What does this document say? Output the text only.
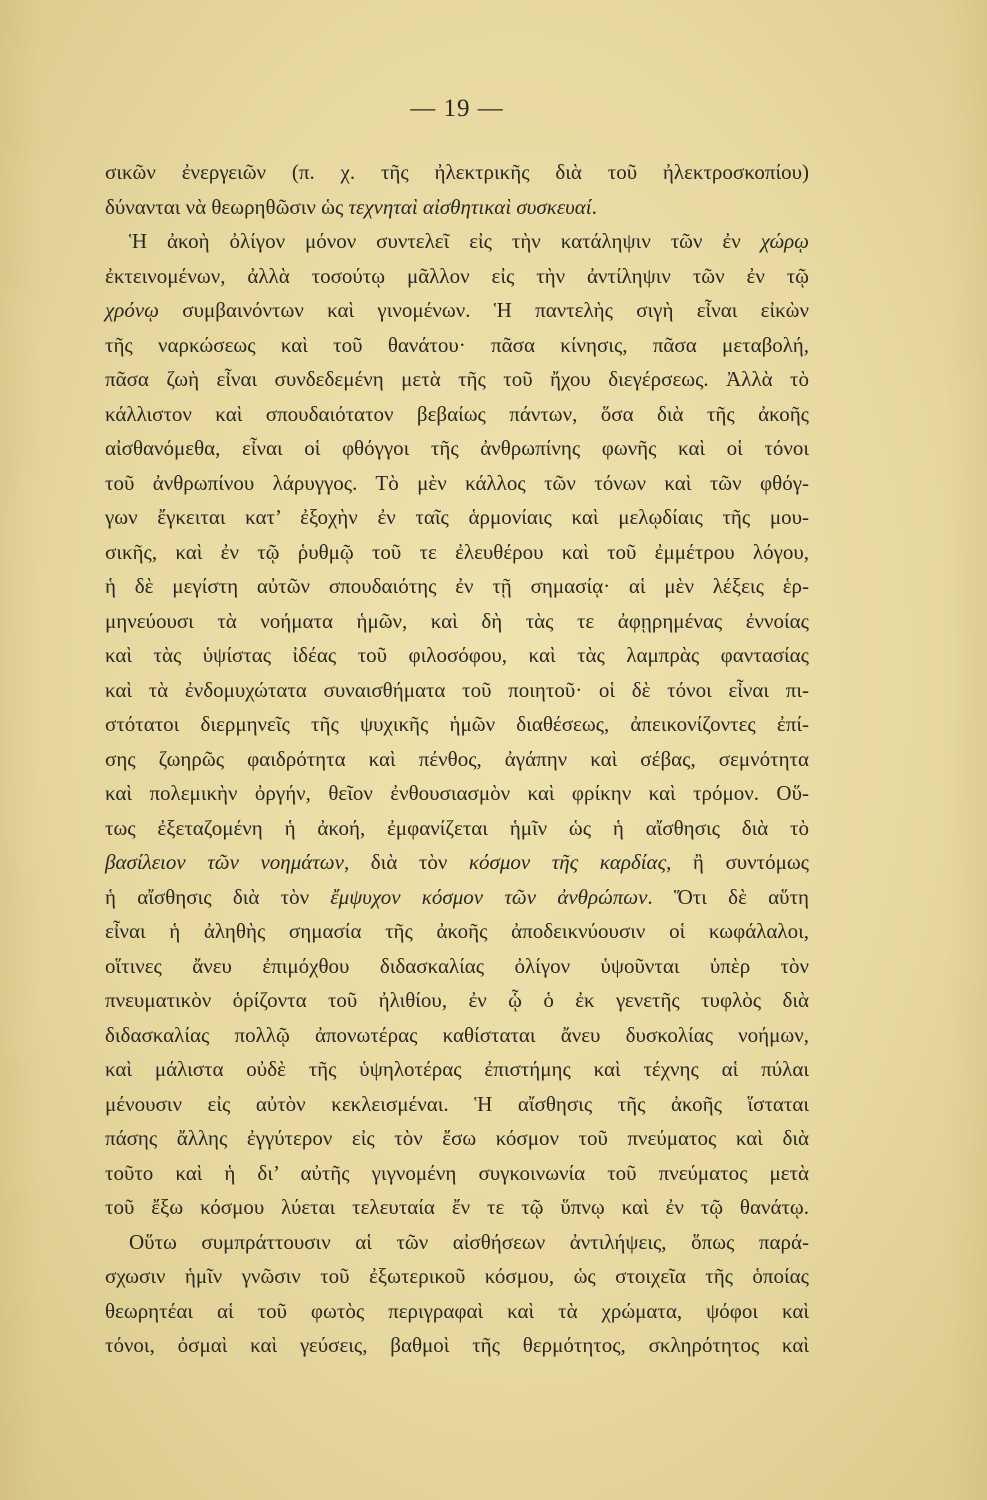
— 19 —
σικῶν ἐνεργειῶν (π. χ. τῆς ἠλεκτρικῆς διὰ τοῦ ἠλεκτροσκοπίου)
δύνανται νὰ θεωρηθῶσιν ὡς τεχνηταὶ αἰσθητικαὶ συσκευαί.
Ἡ ἀκοὴ ὀλίγον μόνον συντελεῖ εἰς τὴν κατάληψιν τῶν ἐν χώρῳ
ἐκτεινομένων, ἀλλὰ τοσούτῳ μᾶλλον εἰς τὴν ἀντίληψιν τῶν ἐν τῷ
χρόνῳ συμβαινόντων καὶ γινομένων. Ἡ παντελὴς σιγὴ εἶναι εἰκὼν
τῆς ναρκώσεως καὶ τοῦ θανάτου· πᾶσα κίνησις, πᾶσα μεταβολή,
πᾶσα ζωὴ εἶναι συνδεδεμένη μετὰ τῆς τοῦ ἤχου διεγέρσεως. Ἀλλὰ τὸ
κάλλιστον καὶ σπουδαιότατον βεβαίως πάντων, ὅσα διὰ τῆς ἀκοῆς
αἰσθανόμεθα, εἶναι οἱ φθόγγοι τῆς ἀνθρωπίνης φωνῆς καὶ οἱ τόνοι
τοῦ ἀνθρωπίνου λάρυγγος. Τὸ μὲν κάλλος τῶν τόνων καὶ τῶν φθόγ-
γων ἔγκειται κατ’ ἐξοχὴν ἐν ταῖς ἁρμονίαις καὶ μελῳδίαις τῆς μου-
σικῆς, καὶ ἐν τῷ ῥυθμῷ τοῦ τε ἐλευθέρου καὶ τοῦ ἐμμέτρου λόγου,
ἡ δὲ μεγίστη αὐτῶν σπουδαιότης ἐν τῇ σημασίᾳ· αἱ μὲν λέξεις ἑρ-
μηνεύουσι τὰ νοήματα ἡμῶν, καὶ δὴ τὰς τε ἀφῃρημένας ἐννοίας
καὶ τὰς ὑψίστας ἰδέας τοῦ φιλοσόφου, καὶ τὰς λαμπρὰς φαντασίας
καὶ τὰ ἐνδομυχώτατα συναισθήματα τοῦ ποιητοῦ· οἱ δὲ τόνοι εἶναι πι-
στότατοι διερμηνεῖς τῆς ψυχικῆς ἡμῶν διαθέσεως, ἀπεικονίζοντες ἐπί-
σης ζωηρῶς φαιδρότητα καὶ πένθος, ἀγάπην καὶ σέβας, σεμνότητα
καὶ πολεμικὴν ὀργήν, θεῖον ἐνθουσιασμὸν καὶ φρίκην καὶ τρόμον. Οὕ-
τως ἐξεταζομένη ἡ ἀκοή, ἐμφανίζεται ἡμῖν ὡς ἡ αἴσθησις διὰ τὸ
βασίλειον τῶν νοημάτων, διὰ τὸν κόσμον τῆς καρδίας, ἢ συντόμως
ἡ αἴσθησις διὰ τὸν ἔμψυχον κόσμον τῶν ἀνθρώπων. Ὅτι δὲ αὕτη
εἶναι ἡ ἀληθὴς σημασία τῆς ἀκοῆς ἀποδεικνύουσιν οἱ κωφάλαλοι,
οἵτινες ἄνευ ἐπιμόχθου διδασκαλίας ὀλίγον ὑψοῦνται ὑπὲρ τὸν
πνευματικὸν ὁρίζοντα τοῦ ἠλιθίου, ἐν ᾧ ὁ ἐκ γενετῆς τυφλὸς διὰ
διδασκαλίας πολλῷ ἀπονωτέρας καθίσταται ἄνευ δυσκολίας νοήμων,
καὶ μάλιστα οὐδὲ τῆς ὑψηλοτέρας ἐπιστήμης καὶ τέχνης αἱ πύλαι
μένουσιν εἰς αὐτὸν κεκλεισμέναι. Ἡ αἴσθησις τῆς ἀκοῆς ἵσταται
πάσης ἄλλης ἐγγύτερον εἰς τὸν ἔσω κόσμον τοῦ πνεύματος καὶ διὰ
τοῦτο καὶ ἡ δι’ αὐτῆς γιγνομένη συγκοινωνία τοῦ πνεύματος μετὰ
τοῦ ἔξω κόσμου λύεται τελευταία ἔν τε τῷ ὕπνῳ καὶ ἐν τῷ θανάτῳ.
Οὕτω συμπράττουσιν αἱ τῶν αἰσθήσεων ἀντιλήψεις, ὅπως παρά-
σχωσιν ἡμῖν γνῶσιν τοῦ ἐξωτερικοῦ κόσμου, ὡς στοιχεῖα τῆς ὁποίας
θεωρητέαι αἱ τοῦ φωτὸς περιγραφαὶ καὶ τὰ χρώματα, ψόφοι καὶ
τόνοι, ὀσμαὶ καὶ γεύσεις, βαθμοὶ τῆς θερμότητος, σκληρότητος καὶ
